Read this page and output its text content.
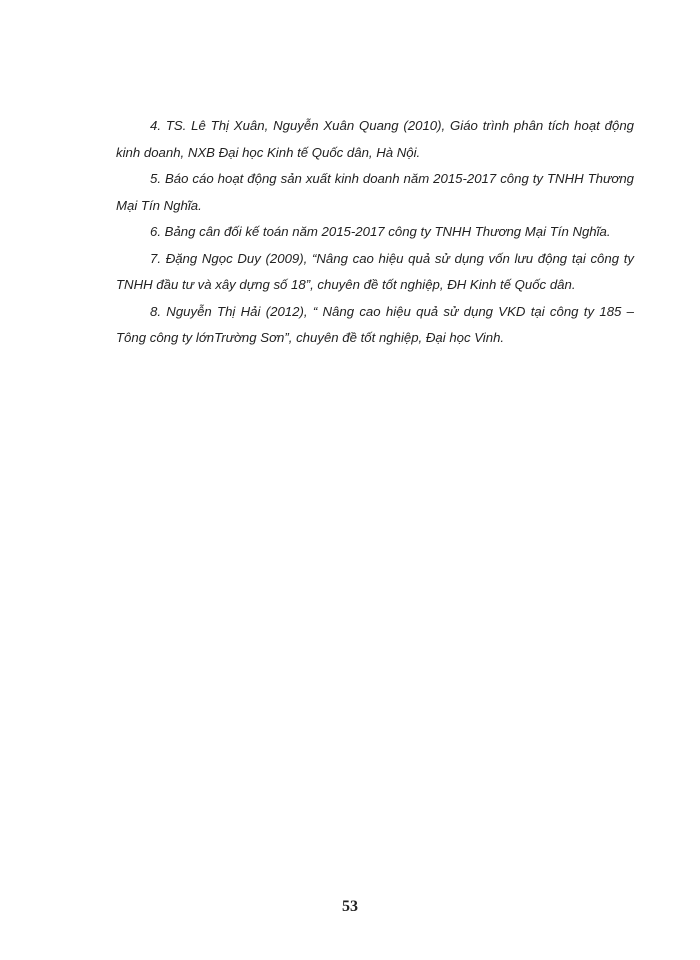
4. TS. Lê Thị Xuân, Nguyễn Xuân Quang (2010), Giáo trình phân tích hoạt động kinh doanh, NXB Đại học Kinh tế Quốc dân, Hà Nội.

5. Báo cáo hoạt động sản xuất kinh doanh năm 2015-2017 công ty TNHH Thương Mại Tín Nghĩa.

6. Bảng cân đối kế toán năm 2015-2017 công ty TNHH Thương Mại Tín Nghĩa.

7. Đặng Ngọc Duy (2009), “Nâng cao hiệu quả sử dụng vốn lưu động tại công ty TNHH đầu tư và xây dựng số 18”, chuyên đề tốt nghiệp, ĐH Kinh tế Quốc dân.

8. Nguyễn Thị Hải (2012), “ Nâng cao hiệu quả sử dụng VKD tại công ty 185 – Tông công ty lớnTrường Sơn”, chuyên đề tốt nghiệp, Đại học Vinh.

53
